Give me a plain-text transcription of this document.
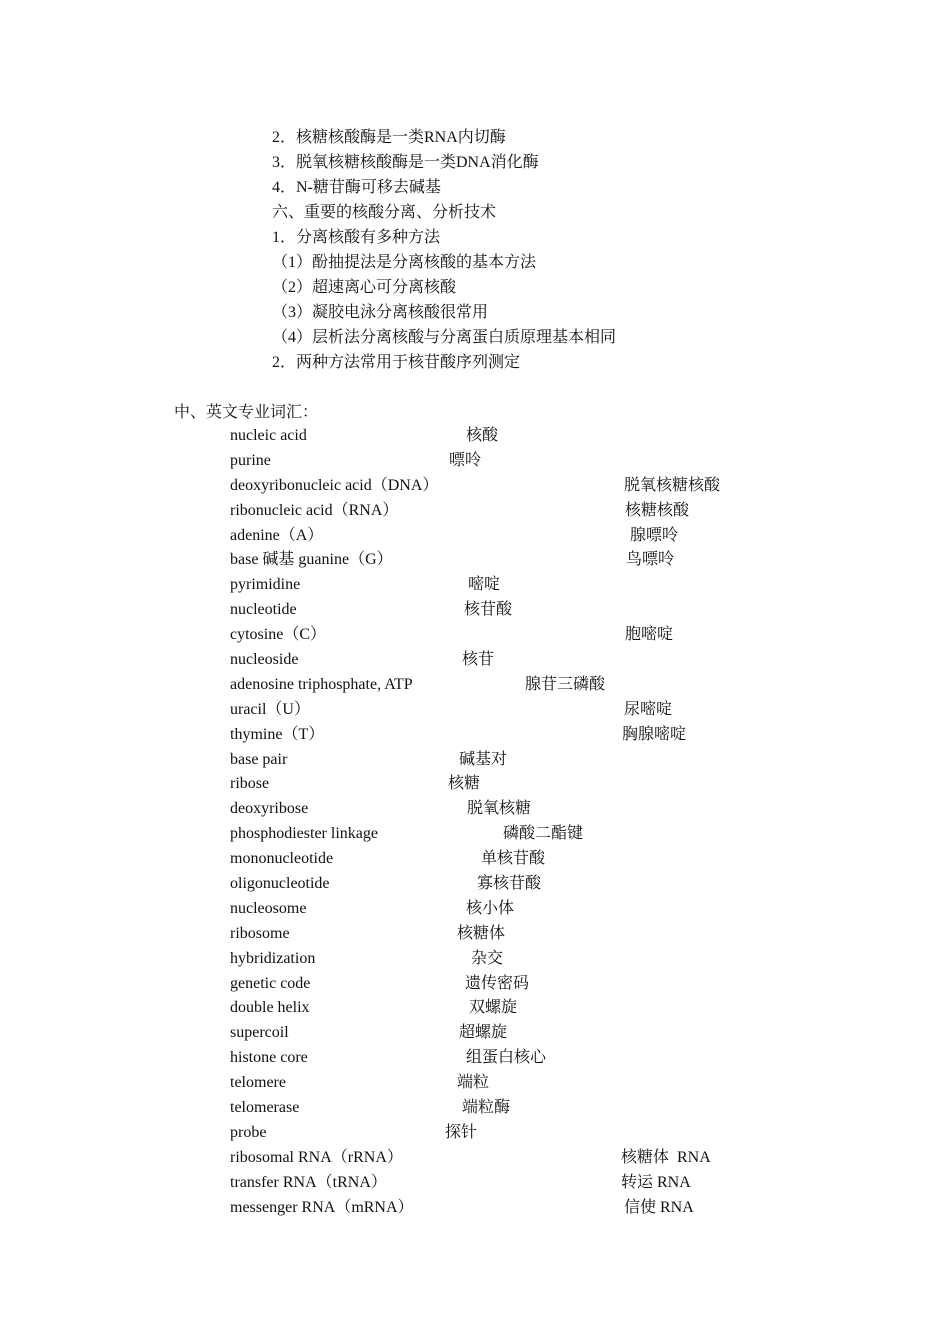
2．核糖核酸酶是一类RNA内切酶
3．脱氧核糖核酸酶是一类DNA消化酶
4．N-糖苷酶可移去碱基
六、重要的核酸分离、分析技术
1．分离核酸有多种方法
（1）酚抽提法是分离核酸的基本方法
（2）超速离心可分离核酸
（3）凝胶电泳分离核酸很常用
（4）层析法分离核酸与分离蛋白质原理基本相同
2．两种方法常用于核苷酸序列测定
中、英文专业词汇：
nucleic acid	核酸
purine	嘌呤
deoxyribonucleic acid（DNA）	脱氧核糖核酸
ribonucleic acid（RNA）	核糖核酸
adenine（A）	腺嘌呤
base 碱基 guanine（G）	鸟嘌呤
pyrimidine	嘧啶
nucleotide	核苷酸
cytosine（C）	胞嘧啶
nucleoside	核苷
adenosine triphosphate, ATP	腺苷三磷酸
uracil（U）	尿嘧啶
thymine（T）	胸腺嘧啶
base pair	碱基对
ribose	核糖
deoxyribose	脱氧核糖
phosphodiester linkage	磷酸二酯键
mononucleotide	单核苷酸
oligonucleotide	寡核苷酸
nucleosome	核小体
ribosome	核糖体
hybridization	杂交
genetic code	遗传密码
double helix	双螺旋
supercoil	超螺旋
histone core	组蛋白核心
telomere	端粒
telomerase	端粒酶
probe	探针
ribosomal RNA（rRNA）	核糖体  RNA
transfer RNA（tRNA）	转运 RNA
messenger RNA（mRNA）	信使 RNA
